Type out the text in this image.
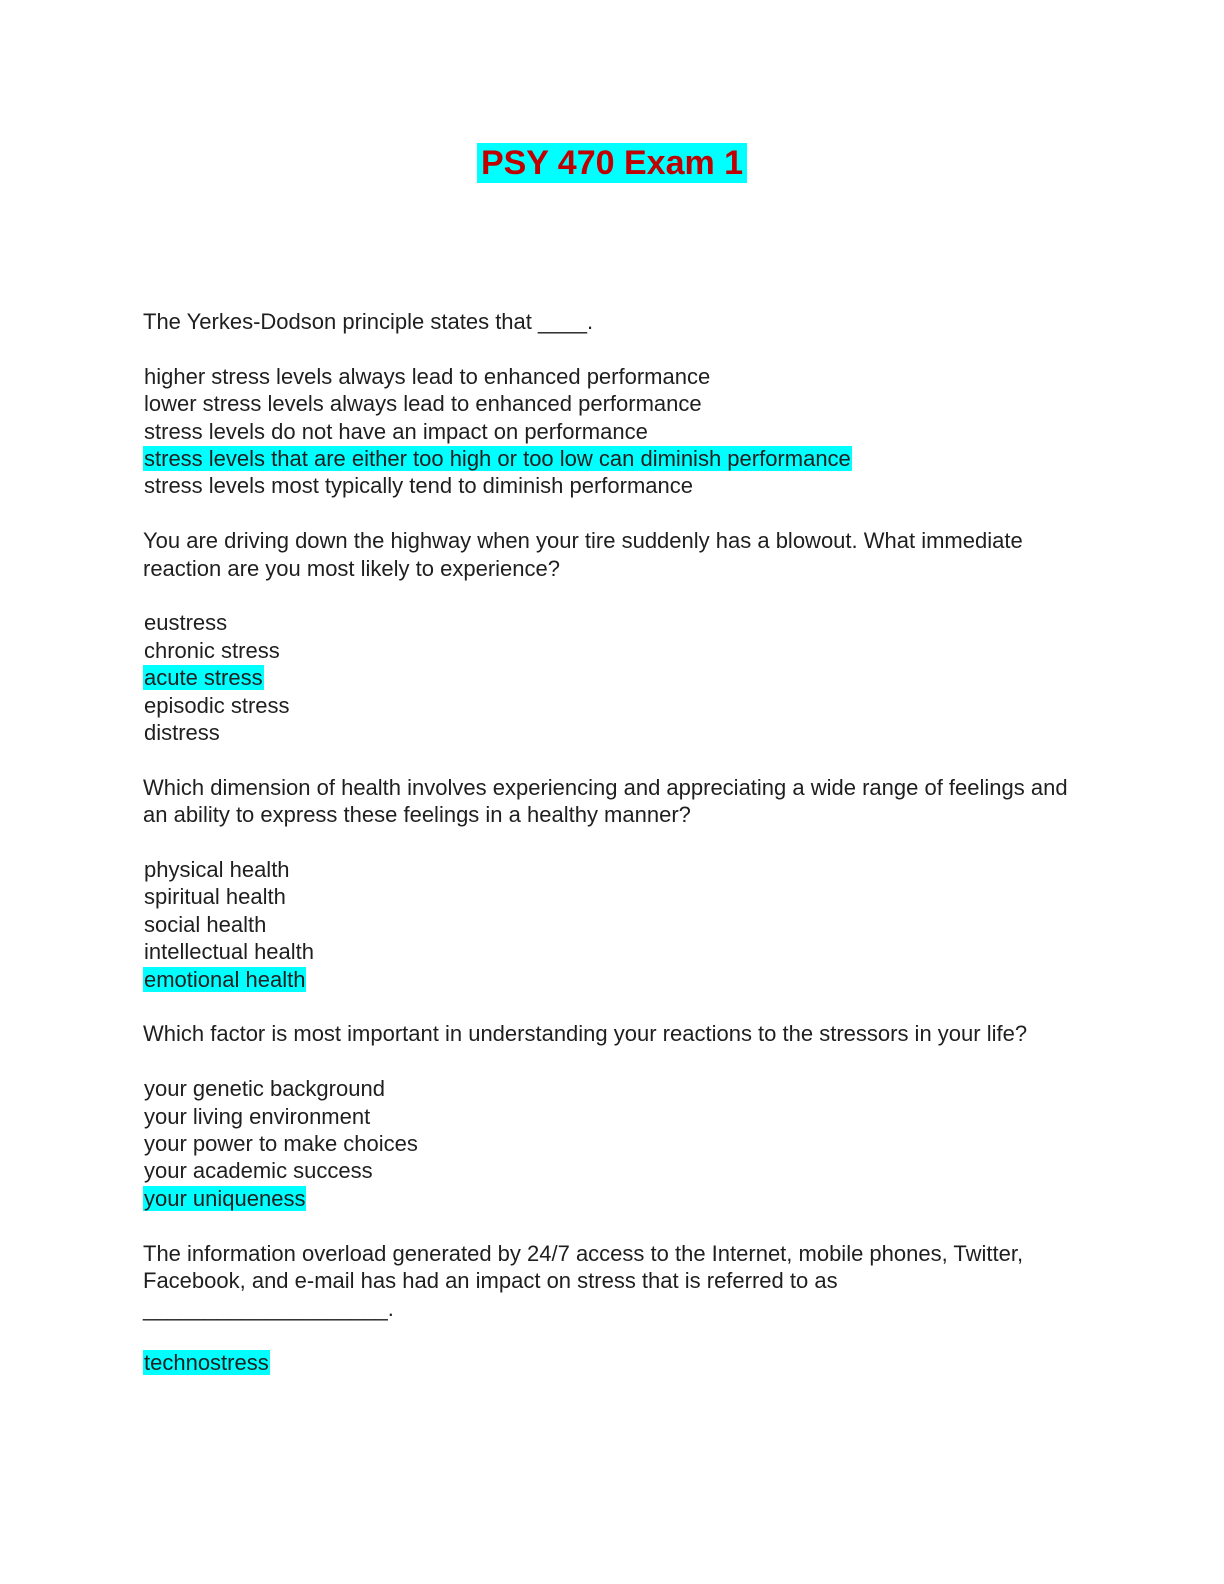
PSY 470 Exam 1

The Yerkes-Dodson principle states that ____.

higher stress levels always lead to enhanced performance
lower stress levels always lead to enhanced performance
stress levels do not have an impact on performance
stress levels that are either too high or too low can diminish performance
stress levels most typically tend to diminish performance

You are driving down the highway when your tire suddenly has a blowout. What immediate reaction are you most likely to experience?

eustress
chronic stress
acute stress
episodic stress
distress

Which dimension of health involves experiencing and appreciating a wide range of feelings and an ability to express these feelings in a healthy manner?

physical health
spiritual health
social health
intellectual health
emotional health

Which factor is most important in understanding your reactions to the stressors in your life?

your genetic background
your living environment
your power to make choices
your academic success
your uniqueness

The information overload generated by 24/7 access to the Internet, mobile phones, Twitter, Facebook, and e-mail has had an impact on stress that is referred to as ____________________.

technostress
